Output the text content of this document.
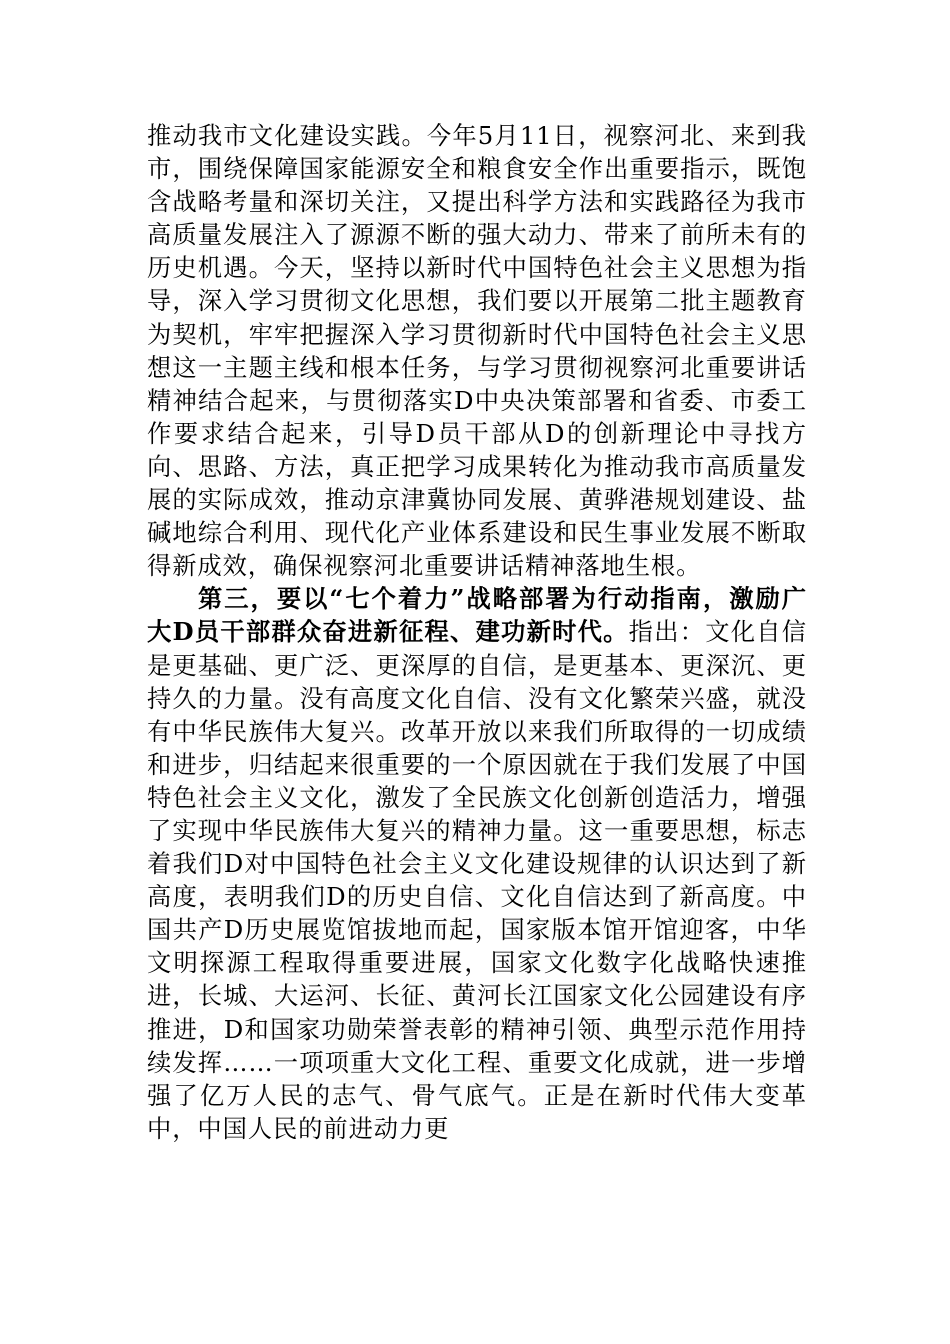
推动我市文化建设实践。今年5月11日，视察河北、来到我市，围绕保障国家能源安全和粮食安全作出重要指示，既饱含战略考量和深切关注，又提出科学方法和实践路径为我市高质量发展注入了源源不断的强大动力、带来了前所未有的历史机遇。今天，坚持以新时代中国特色社会主义思想为指导，深入学习贯彻文化思想，我们要以开展第二批主题教育为契机，牢牢把握深入学习贯彻新时代中国特色社会主义思想这一主题主线和根本任务，与学习贯彻视察河北重要讲话精神结合起来，与贯彻落实D中央决策部署和省委、市委工作要求结合起来，引导D员干部从D的创新理论中寻找方向、思路、方法，真正把学习成果转化为推动我市高质量发展的实际成效，推动京津冀协同发展、黄骅港规划建设、盐碱地综合利用、现代化产业体系建设和民生事业发展不断取得新成效，确保视察河北重要讲话精神落地生根。

第三，要以“七个着力”战略部署为行动指南，激励广大D员干部群众奋进新征程、建功新时代。指出：文化自信是更基础、更广泛、更深厚的自信，是更基本、更深沉、更持久的力量。没有高度文化自信、没有文化繁荣兴盛，就没有中华民族伟大复兴。改革开放以来我们所取得的一切成绩和进步，归结起来很重要的一个原因就在于我们发展了中国特色社会主义文化，激发了全民族文化创新创造活力，增强了实现中华民族伟大复兴的精神力量。这一重要思想，标志着我们D对中国特色社会主义文化建设规律的认识达到了新高度，表明我们D的历史自信、文化自信达到了新高度。中国共产D历史展览馆拔地而起，国家版本馆开馆迎客，中华文明探源工程取得重要进展，国家文化数字化战略快速推进，长城、大运河、长征、黄河长江国家文化公园建设有序推进，D和国家功勋荣誉表彰的精神引领、典型示范作用持续发挥……一项项重大文化工程、重要文化成就，进一步增强了亿万人民的志气、骨气底气。正是在新时代伟大变革中，中国人民的前进动力更
